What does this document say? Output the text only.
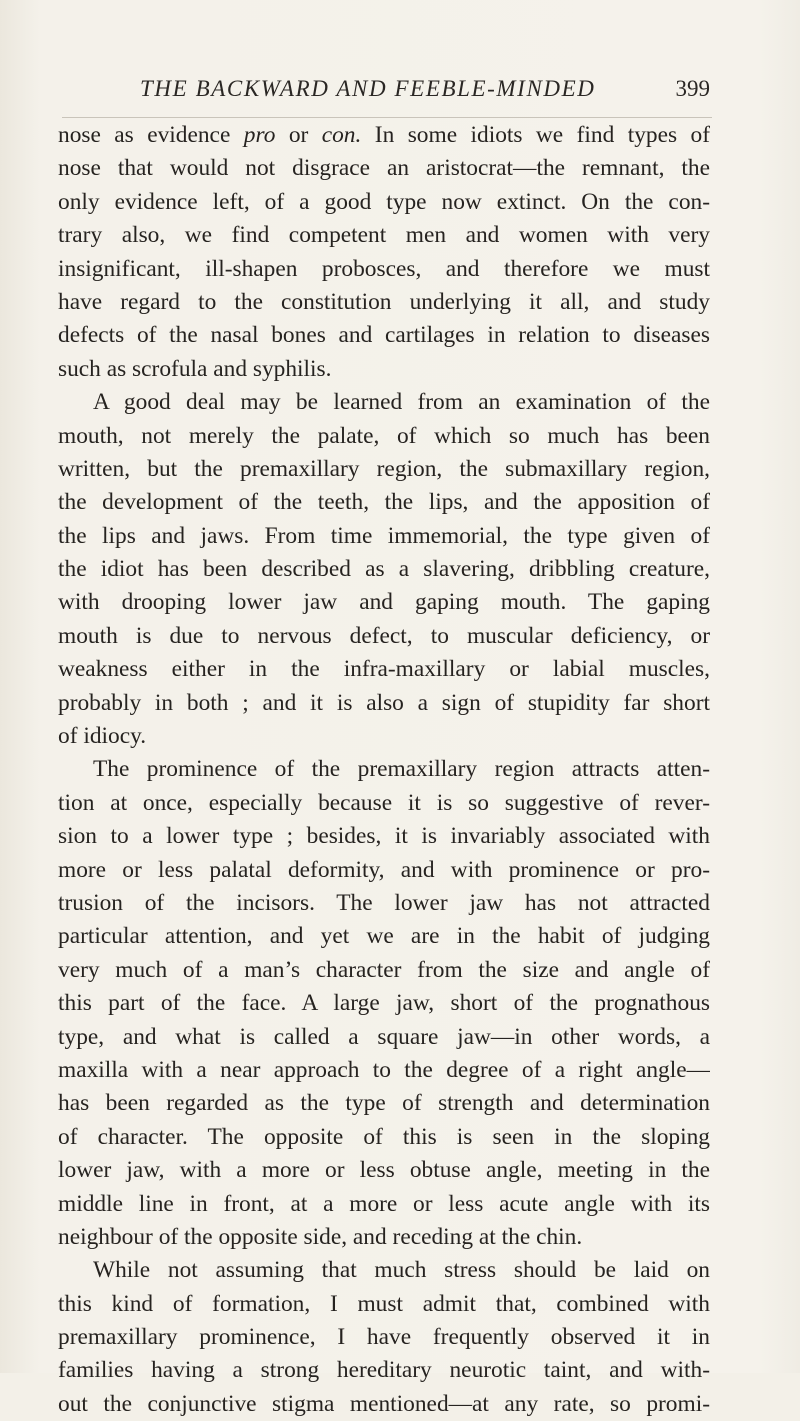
THE BACKWARD AND FEEBLE-MINDED	399
nose as evidence pro or con. In some idiots we find types of
nose that would not disgrace an aristocrat—the remnant, the
only evidence left, of a good type now extinct. On the con-
trary also, we find competent men and women with very
insignificant, ill-shapen probosces, and therefore we must
have regard to the constitution underlying it all, and study
defects of the nasal bones and cartilages in relation to diseases
such as scrofula and syphilis.
A good deal may be learned from an examination of the
mouth, not merely the palate, of which so much has been
written, but the premaxillary region, the submaxillary region,
the development of the teeth, the lips, and the apposition of
the lips and jaws. From time immemorial, the type given of
the idiot has been described as a slavering, dribbling creature,
with drooping lower jaw and gaping mouth. The gaping
mouth is due to nervous defect, to muscular deficiency, or
weakness either in the infra-maxillary or labial muscles,
probably in both ; and it is also a sign of stupidity far short
of idiocy.
The prominence of the premaxillary region attracts atten-
tion at once, especially because it is so suggestive of rever-
sion to a lower type ; besides, it is invariably associated with
more or less palatal deformity, and with prominence or pro-
trusion of the incisors. The lower jaw has not attracted
particular attention, and yet we are in the habit of judging
very much of a man’s character from the size and angle of
this part of the face. A large jaw, short of the prognathous
type, and what is called a square jaw—in other words, a
maxilla with a near approach to the degree of a right angle—
has been regarded as the type of strength and determination
of character. The opposite of this is seen in the sloping
lower jaw, with a more or less obtuse angle, meeting in the
middle line in front, at a more or less acute angle with its
neighbour of the opposite side, and receding at the chin.
While not assuming that much stress should be laid on
this kind of formation, I must admit that, combined with
premaxillary prominence, I have frequently observed it in
families having a strong hereditary neurotic taint, and with-
out the conjunctive stigma mentioned—at any rate, so promi-
